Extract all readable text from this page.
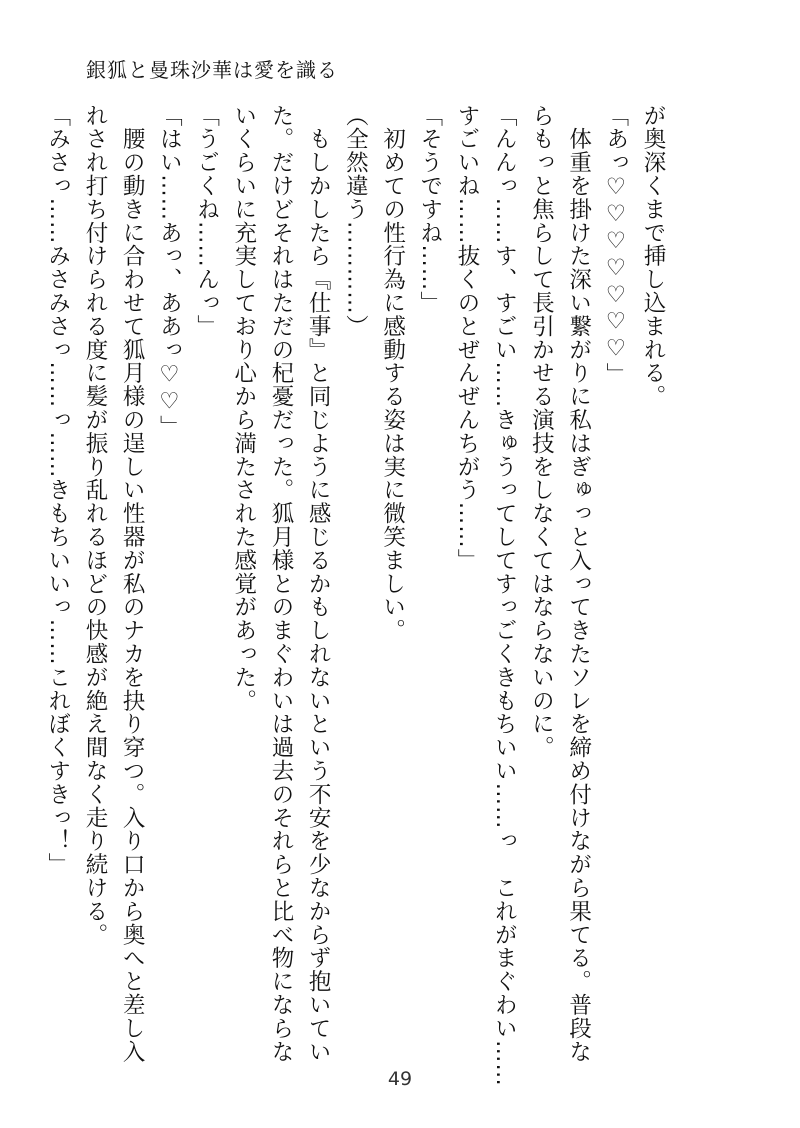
銀狐と曼珠沙華は愛を識る

が奥深くまで挿し込まれる。

「あっ♡♡♡♡♡♡♡」

　体重を掛けた深い繋がりに私はぎゅっと入ってきたソレを締め付けながら果てる。普段な

らもっと焦らして長引かせる演技をしなくてはならないのに。

「んんっ……す、すごい……きゅうってしてすっごくきもちいい……っ　これがまぐわい……

すごいね……抜くのとぜんぜんちがう……」

「そうですね……」

　初めての性行為に感動する姿は実に微笑ましい。

（全然違う…………）

　もしかしたら『仕事』と同じように感じるかもしれないという不安を少なからず抱いてい

た。だけどそれはただの杞憂だった。狐月様とのまぐわいは過去のそれらと比べ物にならな

いくらいに充実しており心から満たされた感覚があった。

「うごくね……んっ」

「はい……あっ、ああっ♡♡」

　腰の動きに合わせて狐月様の逞しい性器が私のナカを抉り穿つ。入り口から奥へと差し入

れされ打ち付けられる度に髪が振り乱れるほどの快感が絶え間なく走り続ける。

「みさっ……みさみさっ……っ……きもちいいっ……これぼくすきっ！」

49
